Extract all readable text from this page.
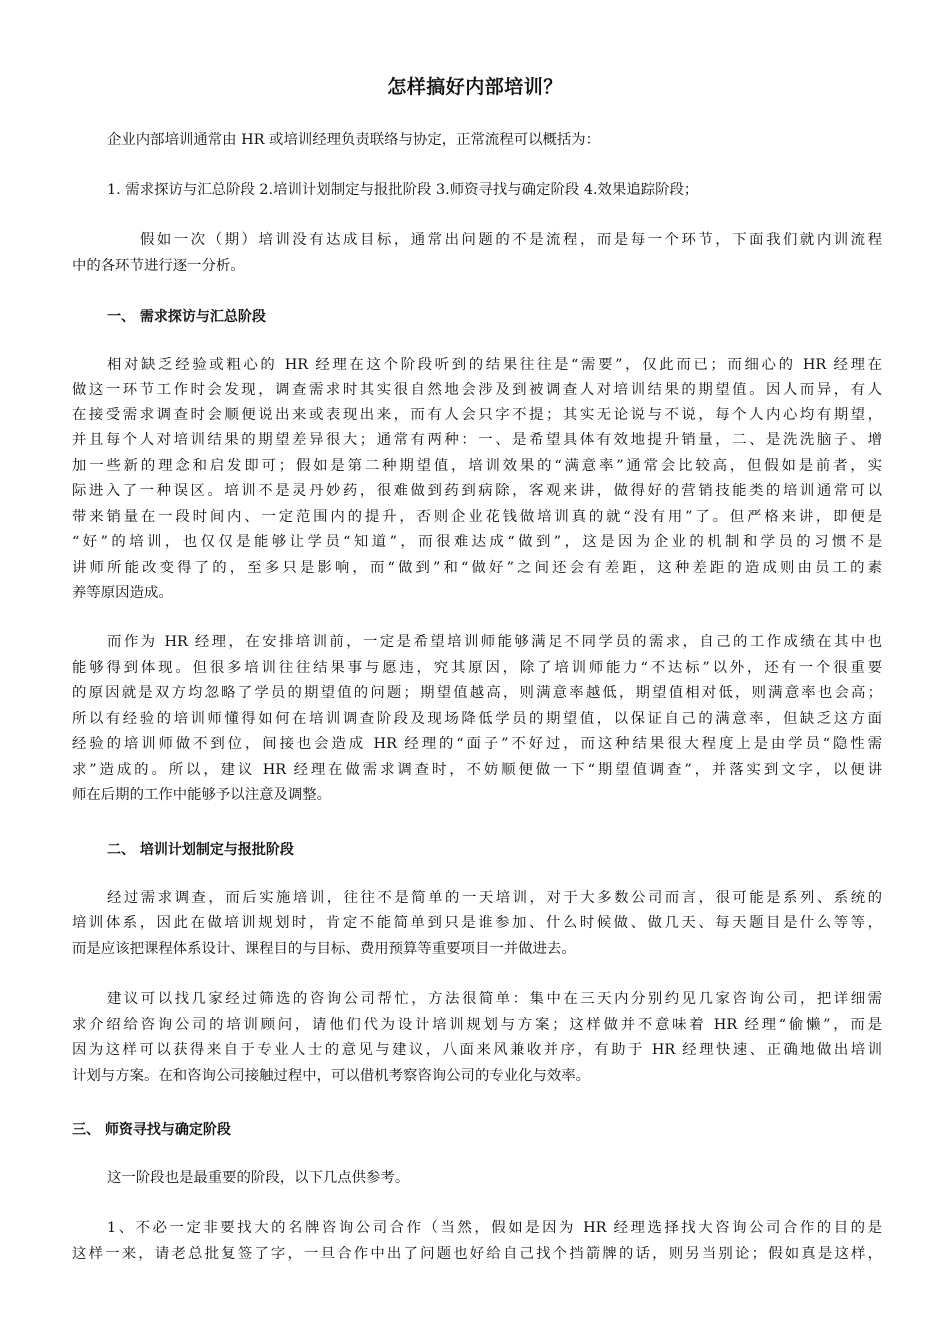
怎样搞好内部培训？
企业内部培训通常由 HR 或培训经理负责联络与协定，正常流程可以概括为：
1. 需求探访与汇总阶段 2.培训计划制定与报批阶段 3.师资寻找与确定阶段 4.效果追踪阶段；
假如一次（期）培训没有达成目标，通常出问题的不是流程，而是每一个环节，下面我们就内训流程
中的各环节进行逐一分析。
一、 需求探访与汇总阶段
相对缺乏经验或粗心的 HR 经理在这个阶段听到的结果往往是“需要”，仅此而已；而细心的 HR 经理在
做这一环节工作时会发现，调查需求时其实很自然地会涉及到被调查人对培训结果的期望值。因人而异，有人
在接受需求调查时会顺便说出来或表现出来，而有人会只字不提；其实无论说与不说，每个人内心均有期望，
并且每个人对培训结果的期望差异很大；通常有两种：一、是希望具体有效地提升销量，二、是洗洗脑子、增
加一些新的理念和启发即可；假如是第二种期望值，培训效果的“满意率”通常会比较高，但假如是前者，实
际进入了一种误区。培训不是灵丹妙药，很难做到药到病除，客观来讲，做得好的营销技能类的培训通常可以
带来销量在一段时间内、一定范围内的提升，否则企业花钱做培训真的就“没有用”了。但严格来讲，即便是
“好”的培训，也仅仅是能够让学员“知道”，而很难达成“做到”，这是因为企业的机制和学员的习惯不是
讲师所能改变得了的，至多只是影响，而“做到”和“做好”之间还会有差距，这种差距的造成则由员工的素
养等原因造成。
而作为 HR 经理，在安排培训前，一定是希望培训师能够满足不同学员的需求，自己的工作成绩在其中也
能够得到体现。但很多培训往往结果事与愿违，究其原因，除了培训师能力“不达标”以外，还有一个很重要
的原因就是双方均忽略了学员的期望值的问题；期望值越高，则满意率越低，期望值相对低，则满意率也会高；
所以有经验的培训师懂得如何在培训调查阶段及现场降低学员的期望值，以保证自己的满意率，但缺乏这方面
经验的培训师做不到位，间接也会造成 HR 经理的“面子”不好过，而这种结果很大程度上是由学员“隐性需
求”造成的。所以，建议 HR 经理在做需求调查时，不妨顺便做一下“期望值调查”，并落实到文字，以便讲
师在后期的工作中能够予以注意及调整。
二、 培训计划制定与报批阶段
经过需求调查，而后实施培训，往往不是简单的一天培训，对于大多数公司而言，很可能是系列、系统的
培训体系，因此在做培训规划时，肯定不能简单到只是谁参加、什么时候做、做几天、每天题目是什么等等，
而是应该把课程体系设计、课程目的与目标、费用预算等重要项目一并做进去。
建议可以找几家经过筛选的咨询公司帮忙，方法很简单：集中在三天内分别约见几家咨询公司，把详细需
求介绍给咨询公司的培训顾问，请他们代为设计培训规划与方案；这样做并不意味着 HR 经理“偷懒”，而是
因为这样可以获得来自于专业人士的意见与建议，八面来风兼收并序，有助于 HR 经理快速、正确地做出培训
计划与方案。在和咨询公司接触过程中，可以借机考察咨询公司的专业化与效率。
三、 师资寻找与确定阶段
这一阶段也是最重要的阶段，以下几点供参考。
1、不必一定非要找大的名牌咨询公司合作（当然，假如是因为 HR 经理选择找大咨询公司合作的目的是
这样一来，请老总批复签了字，一旦合作中出了问题也好给自己找个挡箭牌的话，则另当别论；假如真是这样，
